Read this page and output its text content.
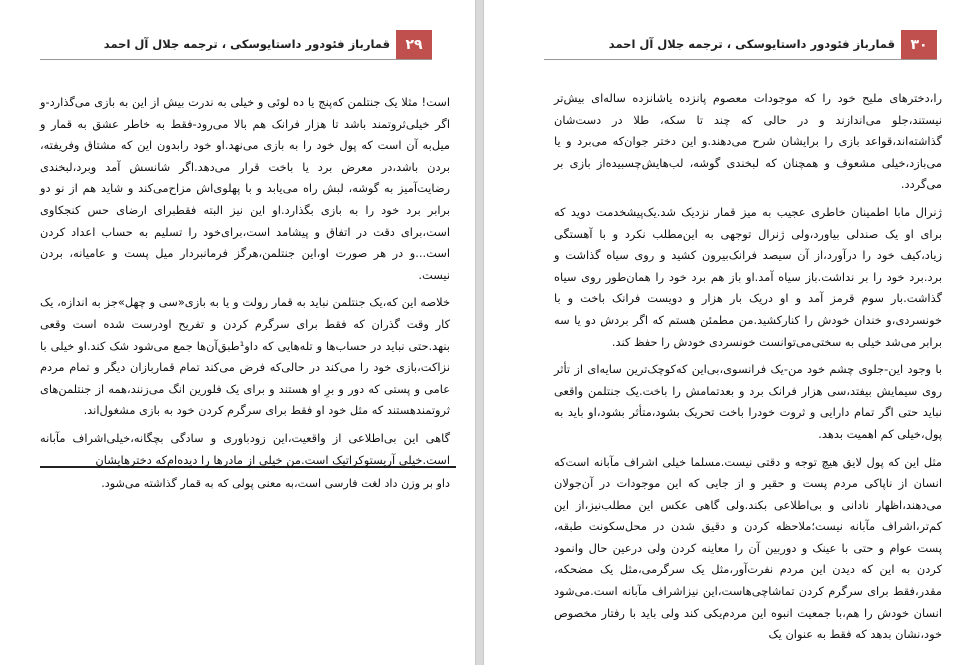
۲۹
قمارباز فئودور داستایوسکی ، ترجمه جلال آل احمد

است! مثلا یک جنتلمن که‌پنج یا ده لوئی و خیلی به ندرت بیش از این به بازی می‌گذارد-و اگر خیلی‌ثروتمند باشد تا هزار فرانک هم بالا می‌رود-فقط به خاطر عشق به قمار و میل‌به آن است که پول خود را به بازی می‌نهد.او خود رابدون این که مشتاق وفریفته، بردن باشد،در معرض برد یا باخت قرار می‌دهد.اگر شانسش آمد وبرد،لبخندی رضایت‌آمیز به گوشه، لبش راه می‌یابد و با پهلوی‌اش مزاح‌می‌کند و شاید هم از نو دو برابر برد خود را به بازی بگذارد.او این نیز البته فقطبرای ارضای حس کنجکاوی است،برای دقت در اتفاق و پیشامد است،برای‌خود را تسلیم به حساب اعداد کردن است...و در هر صورت او،این جنتلمن،هرگز فرمانبردار میل پست و عامیانه، بردن نیست.

خلاصه این که،یک جنتلمن نباید به قمار رولت و یا به بازی«سی و چهل»جز به اندازه، یک کار وقت گذران که فقط برای سرگرم کردن و تفریح اودرست شده است وقعی بنهد.حتی نباید در حساب‌ها و تله‌هایی که داو¹طبق‌آن‌ها جمع می‌شود شک کند.او خیلی با نزاکت،بازی خود را می‌کند در حالی‌که فرض می‌کند تمام قماربازان دیگر و تمام مردم عامی و پستی که دور و برِ او هستند و برای یک فلورین انگ می‌زنند،همه از جنتلمن‌های ثروتمندهستند که مثل خود او فقط برای سرگرم کردن خود به بازی مشغول‌اند.

گاهی این بی‌اطلاعی از واقعیت،این زودباوری و سادگی بچگانه،خیلی‌اشراف مآبانه است.خیلی آریستوکراتیک است.من خیلی از مادرها را دیده‌ام‌که دخترهایشان

داو بر وزن داد لغت فارسی است،به معنی پولی که به قمار گذاشته می‌شود.
۳۰
قمارباز فئودور داستایوسکی ، ترجمه جلال آل احمد

را،دخترهای ملیح خود را که موجودات معصوم پانزده یاشانزده ساله‌ای بیش‌تر نیستند،جلو می‌اندازند و در حالی که چند تا سکه، طلا در دست‌شان گذاشته‌اند،قواعد بازی را برایشان شرح می‌دهند.و این دختر جوان‌که می‌برد و یا می‌بازد،خیلی مشعوف و همچنان که لبخندی گوشه، لب‌هایش‌چسبیده‌از بازی بر می‌گردد.

ژنرال مابا اطمینان خاطری عجیب به میز قمار نزدیک شد.یک‌پیشخدمت دوید که برای او یک صندلی بیاورد،ولی ژنرال توجهی به این‌مطلب نکرد و با آهستگی زیاد،کیف خود را درآورد،از آن سیصد فرانک‌بیرون کشید و روی سیاه گذاشت و برد.برد خود را بر نداشت.باز سیاه آمد.او باز هم برد خود را همان‌طور روی سیاه گذاشت.بار سوم قرمز آمد و او دریک بار هزار و دویست فرانک باخت و با خونسردی،و خندان خودش را کنارکشید.من مطمئن هستم که اگر بردش دو یا سه برابر می‌شد خیلی به سختی‌می‌توانست خونسردی خودش را حفظ کند.

با وجود این-جلوی چشم خود من-یک فرانسوی،بی‌این که‌کوچک‌ترین سایه‌ای از تأثر روی سیمایش بیفتد،سی هزار فرانک برد و بعد‌تمامش را باخت.یک جنتلمن واقعی نباید حتی اگر تمام دارایی و ثروت خودرا باخت تحریک بشود،متأثر بشود،او باید به پول،خیلی کم اهمیت بدهد.

مثل این که پول لایق هیچ توجه و دقتی نیست.مسلما خیلی اشراف مآبانه است‌که انسان از ناپاکی مردم پست و حقیر و از جایی که این موجودات در آن‌جولان می‌دهند،اظهار نادانی و بی‌اطلاعی بکند.ولی گاهی عکس این مطلب‌نیز،از این کم‌تر،اشراف مآبانه نیست؛ملاحظه کردن و دقیق شدن در محل‌سکونت طبقه، پست عوام و حتی با عینک و دوربین آن را معاینه کردن ولی درعین حال وانمود کردن به این که دیدن این مردم نفرت‌آور،مثل یک سرگرمی،مثل یک مضحکه، مقدر،فقط برای سرگرم کردن تماشاچی‌هاست،این نیزاشراف مآبانه است.می‌شود انسان خودش را هم،با جمعیت انبوه این مردم‌یکی کند ولی باید با رفتار مخصوص خود،نشان بدهد که فقط به عنوان یک
